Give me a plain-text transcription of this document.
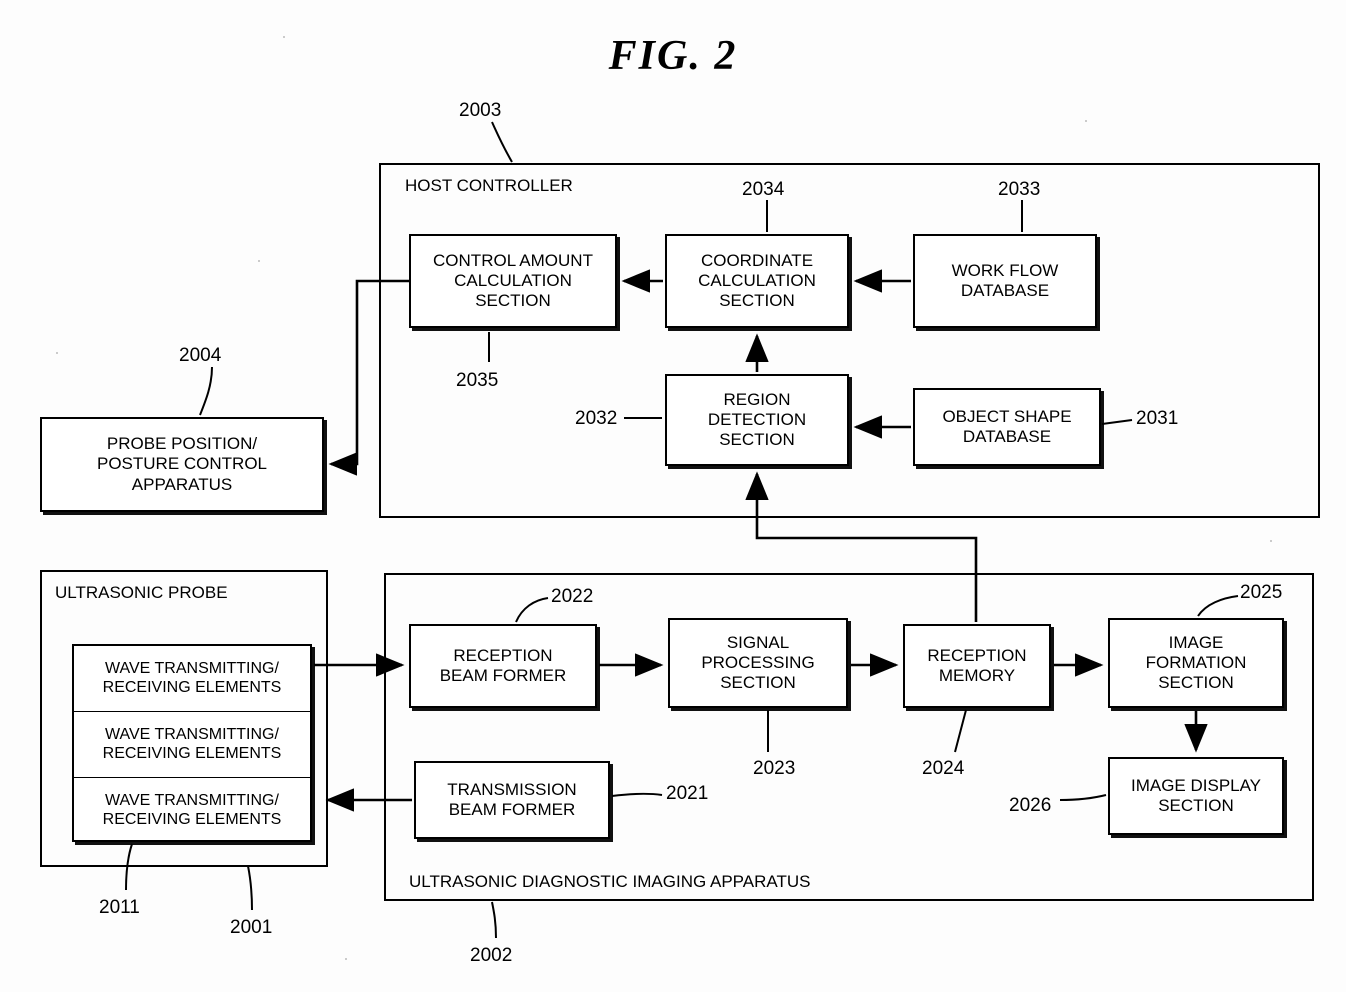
FIG. 2
HOST CONTROLLER
ULTRASONIC PROBE
ULTRASONIC DIAGNOSTIC IMAGING APPARATUS
CONTROL AMOUNT
CALCULATION
SECTION
COORDINATE
CALCULATION
SECTION
WORK FLOW
DATABASE
REGION
DETECTION
SECTION
OBJECT SHAPE
DATABASE
PROBE POSITION/
POSTURE CONTROL
APPARATUS
RECEPTION
BEAM FORMER
SIGNAL
PROCESSING
SECTION
RECEPTION
MEMORY
IMAGE
FORMATION
SECTION
IMAGE DISPLAY
SECTION
TRANSMISSION
BEAM FORMER
WAVE TRANSMITTING/
RECEIVING ELEMENTS
WAVE TRANSMITTING/
RECEIVING ELEMENTS
WAVE TRANSMITTING/
RECEIVING ELEMENTS
2003
2034	2033
2035
2032	2031
2004
2022	2025
2023	2024
2026
2021
2011
2001
2002
